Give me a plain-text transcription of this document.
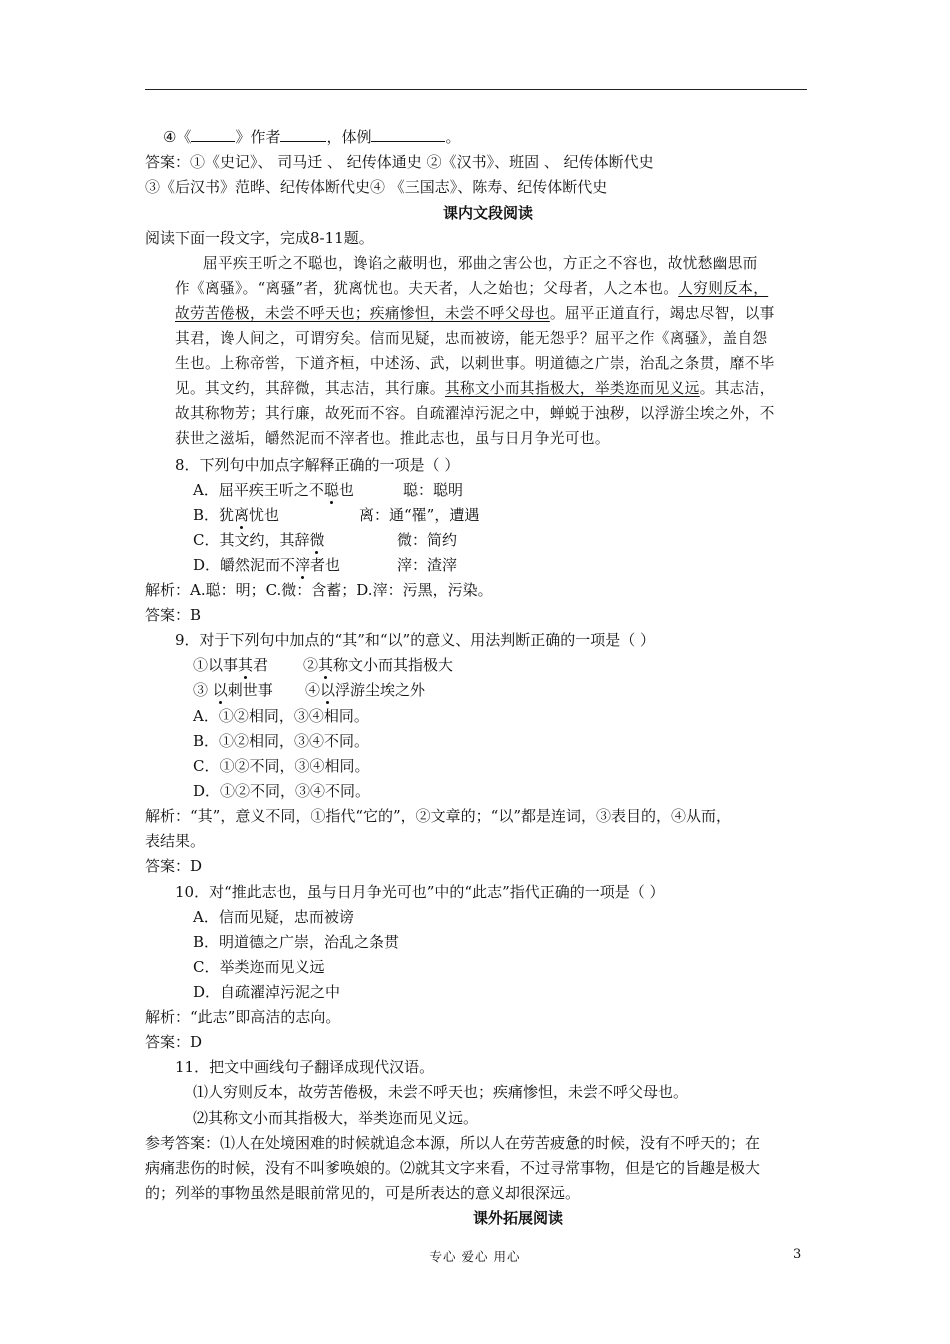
④《	》作者	，体例	。
答案：①《史记》、 司马迁 、 纪传体通史 ②《汉书》、班固 、 纪传体断代史
③《后汉书》范晔、纪传体断代史④ 《三国志》、陈寿、纪传体断代史
课内文段阅读
阅读下面一段文字，完成8-11题。
屈平疾王听之不聪也，谗谄之蔽明也，邪曲之害公也，方正之不容也，故忧愁幽思而
作《离骚》。“离骚”者，犹离忧也。夫天者，人之始也；父母者，人之本也。人穷则反本，
故劳苦倦极，未尝不呼天也；疾痛惨怛，未尝不呼父母也。屈平正道直行，竭忠尽智，以事
其君，谗人间之，可谓穷矣。信而见疑，忠而被谤，能无怨乎？屈平之作《离骚》，盖自怨
生也。上称帝喾，下道齐桓，中述汤、武，以刺世事。明道德之广崇，治乱之条贯，靡不毕
见。其文约，其辞微，其志洁，其行廉。其称文小而其指极大，举类迩而见义远。其志洁，
故其称物芳；其行廉，故死而不容。自疏濯淖污泥之中，蝉蜕于浊秽，以浮游尘埃之外，不
获世之滋垢，皭然泥而不滓者也。推此志也，虽与日月争光可也。
8．下列句中加点字解释正确的一项是（ ）
A．屈平疾王听之不聪也	聪：聪明
B．犹离忧也	离：通“罹”，遭遇
C．其文约，其辞微	微：简约
D．皭然泥而不滓者也	滓：渣滓
解析：A.聪：明；C.微：含蓄；D.滓：污黑，污染。
答案：B
9．对于下列句中加点的“其”和“以”的意义、用法判断正确的一项是（ ）
①以事其君 ②其称文小而其指极大
③ 以刺世事 ④以浮游尘埃之外
A．①②相同，③④相同。
B．①②相同，③④不同。
C．①②不同，③④相同。
D．①②不同，③④不同。
解析：“其”，意义不同，①指代“它的”，②文章的；“以”都是连词，③表目的，④从而，
表结果。
答案：D
10．对“推此志也，虽与日月争光可也”中的“此志”指代正确的一项是（ ）
A．信而见疑，忠而被谤
B．明道德之广崇，治乱之条贯
C．举类迩而见义远
D．自疏濯淖污泥之中
解析：“此志”即高洁的志向。
答案：D
11．把文中画线句子翻译成现代汉语。
⑴人穷则反本，故劳苦倦极，未尝不呼天也；疾痛惨怛，未尝不呼父母也。
⑵其称文小而其指极大，举类迩而见义远。
参考答案：⑴人在处境困难的时候就追念本源，所以人在劳苦疲惫的时候，没有不呼天的；在
病痛悲伤的时候，没有不叫爹唤娘的。⑵就其文字来看，不过寻常事物，但是它的旨趣是极大
的；列举的事物虽然是眼前常见的，可是所表达的意义却很深远。
课外拓展阅读
专心 爱心 用心	3
